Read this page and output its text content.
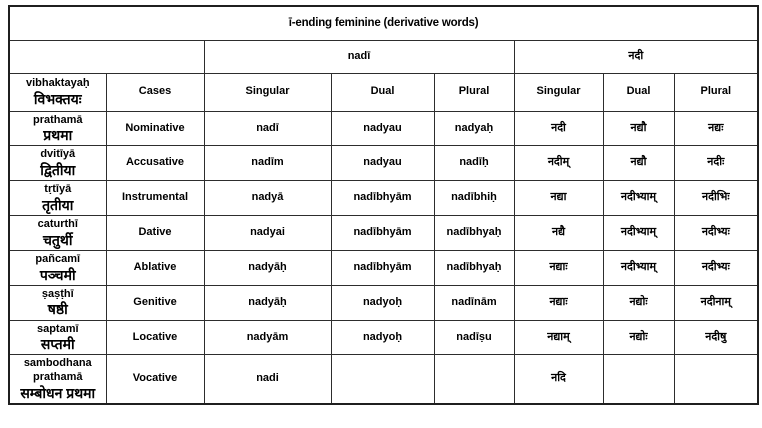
ī-ending feminine (derivative words)							
		nadī			नदी		

vibhaktayaḥ
विभक्तयः	Cases	Singular	Dual	Plural	Singular	Dual	Plural

prathamā
प्रथमा	Nominative	nadī	nadyau	nadyaḥ	नदी	नद्यौ	नद्यः

dvitīyā
द्वितीया	Accusative	nadīm	nadyau	nadīḥ	नदीम्	नद्यौ	नदीः

tṛtīyā
तृतीया	Instrumental	nadyā	nadībhyām	nadībhiḥ	नद्या	नदीभ्याम्	नदीभिः

caturthī
चतुर्थी	Dative	nadyai	nadībhyām	nadībhyaḥ	नद्यै	नदीभ्याम्	नदीभ्यः

pañcamī
पञ्चमी	Ablative	nadyāḥ	nadībhyām	nadībhyaḥ	नद्याः	नदीभ्याम्	नदीभ्यः

ṣaṣṭhī
षष्ठी	Genitive	nadyāḥ	nadyoḥ	nadīnām	नद्याः	नद्योः	नदीनाम्

saptamī
सप्तमी	Locative	nadyām	nadyoḥ	nadīṣu	नद्याम्	नद्योः	नदीषु

sambodhana prathamā
सम्बोधन प्रथमा	Vocative	nadi			नदि		
